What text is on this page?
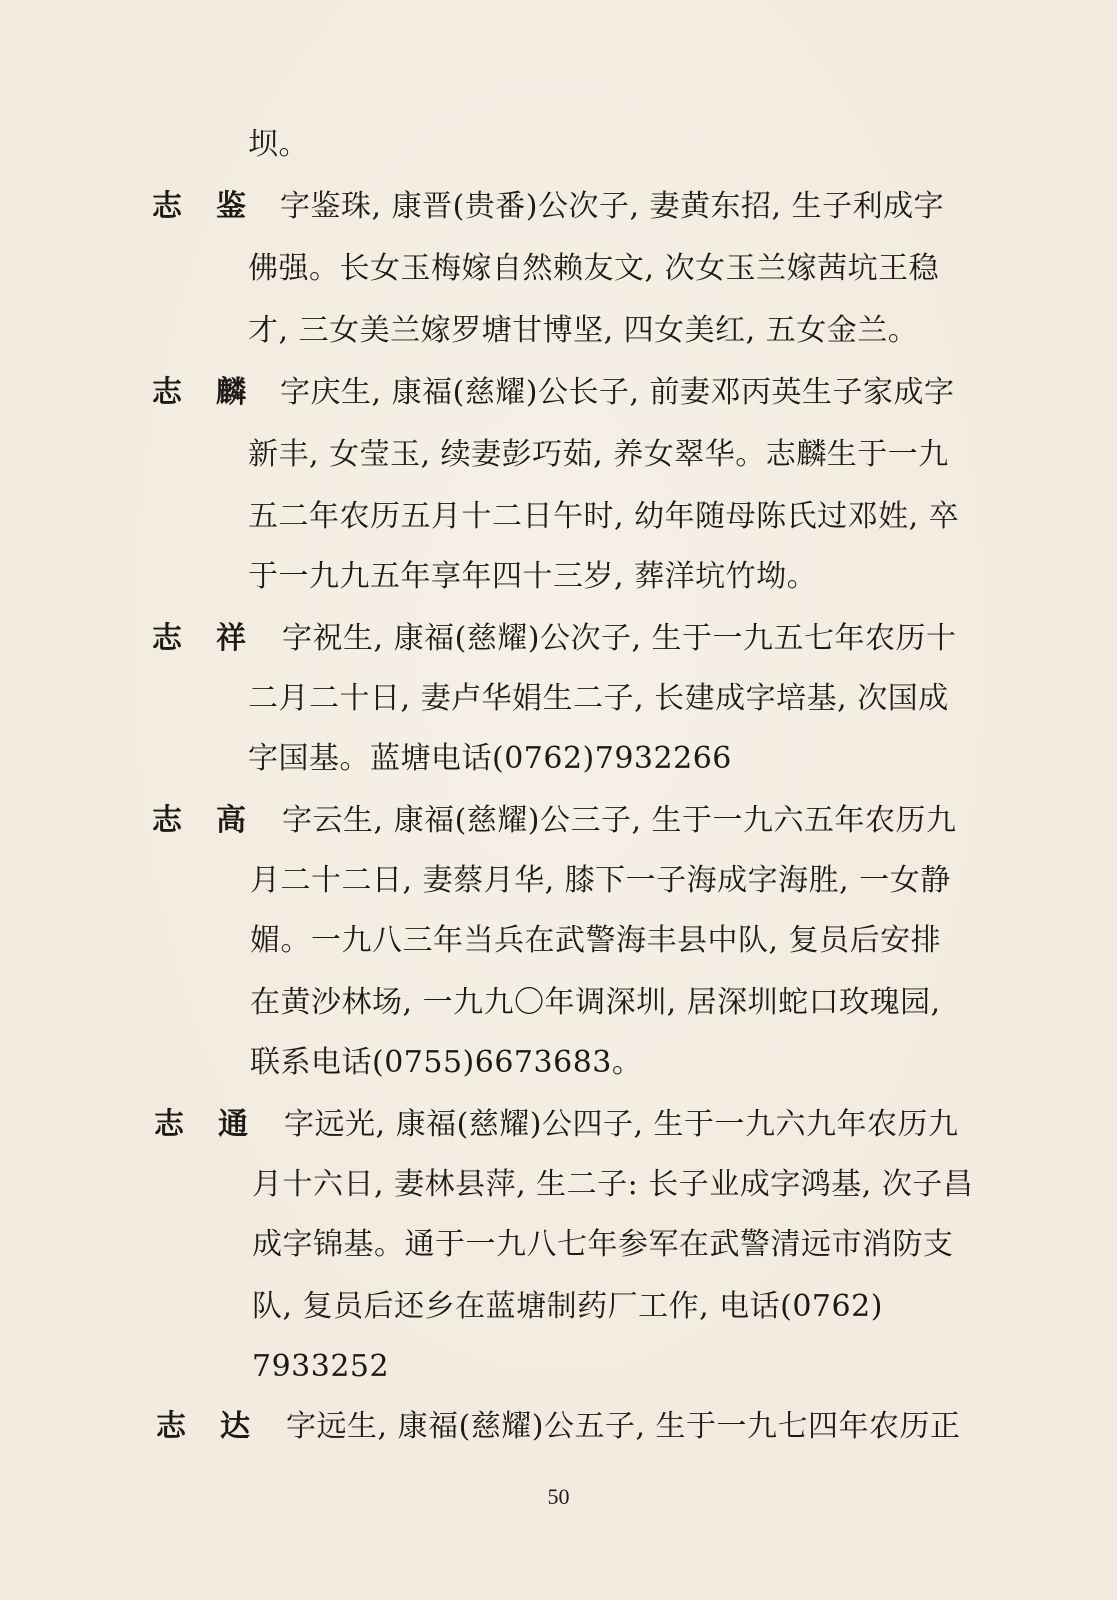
坝。
志鉴 字鉴珠, 康晋(贵番)公次子, 妻黄东招, 生子利成字
佛强。长女玉梅嫁自然赖友文, 次女玉兰嫁茜坑王稳
才, 三女美兰嫁罗塘甘博坚, 四女美红, 五女金兰。
志麟 字庆生, 康福(慈耀)公长子, 前妻邓丙英生子家成字
新丰, 女莹玉, 续妻彭巧茹, 养女翠华。志麟生于一九
五二年农历五月十二日午时, 幼年随母陈氏过邓姓, 卒
于一九九五年享年四十三岁, 葬洋坑竹坳。
志祥 字祝生, 康福(慈耀)公次子, 生于一九五七年农历十
二月二十日, 妻卢华娟生二子, 长建成字培基, 次国成
字国基。蓝塘电话(0762)7932266
志高 字云生, 康福(慈耀)公三子, 生于一九六五年农历九
月二十二日, 妻蔡月华, 膝下一子海成字海胜, 一女静
媚。一九八三年当兵在武警海丰县中队, 复员后安排
在黄沙林场, 一九九〇年调深圳, 居深圳蛇口玫瑰园,
联系电话(0755)6673683。
志通 字远光, 康福(慈耀)公四子, 生于一九六九年农历九
月十六日, 妻林县萍, 生二子: 长子业成字鸿基, 次子昌
成字锦基。通于一九八七年参军在武警清远市消防支
队, 复员后还乡在蓝塘制药厂工作, 电话(0762)
7933252
志达 字远生, 康福(慈耀)公五子, 生于一九七四年农历正
50
